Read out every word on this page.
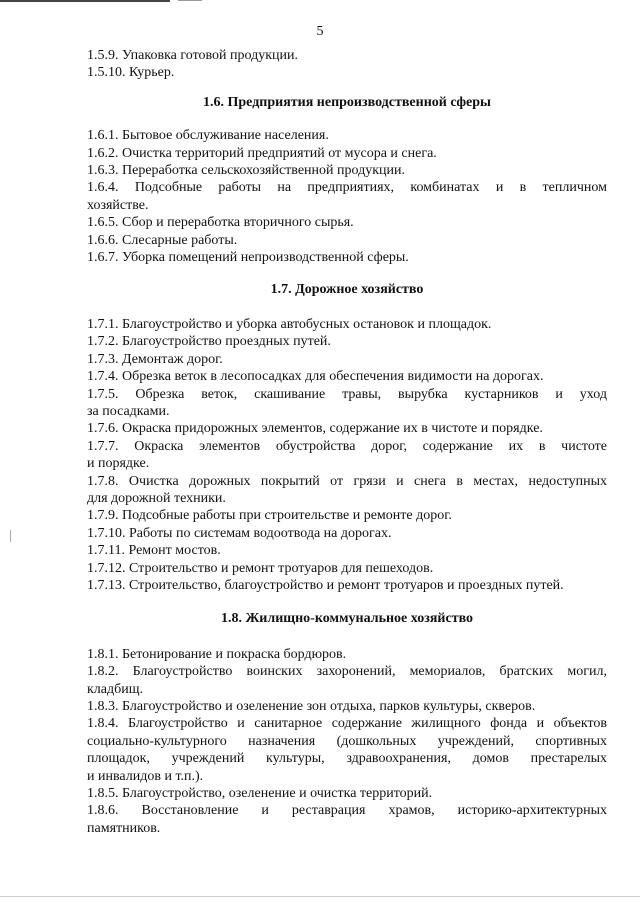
5
1.5.9. Упаковка готовой продукции.
1.5.10. Курьер.
1.6. Предприятия непроизводственной сферы
1.6.1. Бытовое обслуживание населения.
1.6.2. Очистка территорий предприятий от мусора и снега.
1.6.3. Переработка сельскохозяйственной продукции.
1.6.4. Подсобные работы на предприятиях, комбинатах и в тепличном
хозяйстве.
1.6.5. Сбор и переработка вторичного сырья.
1.6.6. Слесарные работы.
1.6.7. Уборка помещений непроизводственной сферы.
1.7. Дорожное хозяйство
1.7.1. Благоустройство и уборка автобусных остановок и площадок.
1.7.2. Благоустройство проездных путей.
1.7.3. Демонтаж дорог.
1.7.4. Обрезка веток в лесопосадках для обеспечения видимости на дорогах.
1.7.5. Обрезка веток, скашивание травы, вырубка кустарников и уход
за посадками.
1.7.6. Окраска придорожных элементов, содержание их в чистоте и порядке.
1.7.7. Окраска элементов обустройства дорог, содержание их в чистоте
и порядке.
1.7.8. Очистка дорожных покрытий от грязи и снега в местах, недоступных
для дорожной техники.
1.7.9. Подсобные работы при строительстве и ремонте дорог.
1.7.10. Работы по системам водоотвода на дорогах.
1.7.11. Ремонт мостов.
1.7.12. Строительство и ремонт тротуаров для пешеходов.
1.7.13. Строительство, благоустройство и ремонт тротуаров и проездных путей.
1.8. Жилищно-коммунальное хозяйство
1.8.1. Бетонирование и покраска бордюров.
1.8.2. Благоустройство воинских захоронений, мемориалов, братских могил,
кладбищ.
1.8.3. Благоустройство и озеленение зон отдыха, парков культуры, скверов.
1.8.4. Благоустройство и санитарное содержание жилищного фонда и объектов
социально-культурного назначения (дошкольных учреждений, спортивных
площадок, учреждений культуры, здравоохранения, домов престарелых
и инвалидов и т.п.).
1.8.5. Благоустройство, озеленение и очистка территорий.
1.8.6. Восстановление и реставрация храмов, историко-архитектурных
памятников.
